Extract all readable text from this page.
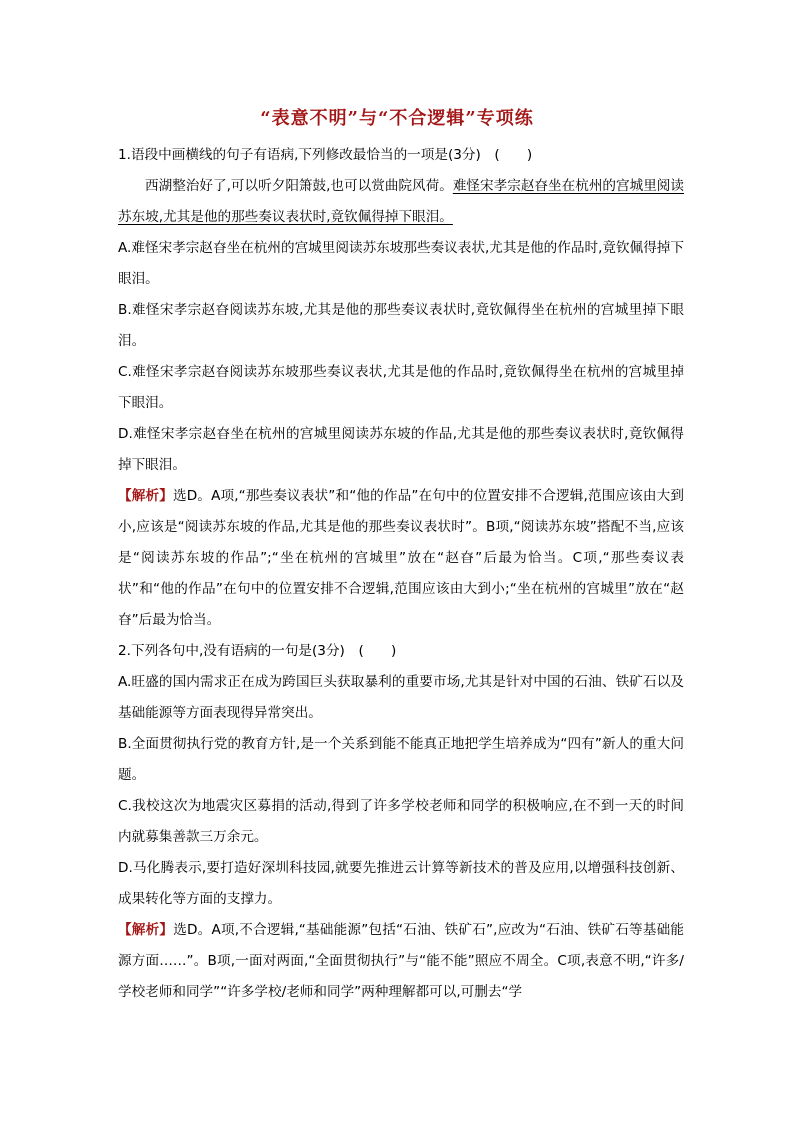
“表意不明”与“不合逻辑”专项练

1.语段中画横线的句子有语病,下列修改最恰当的一项是(3分)　(　　)

西湖整治好了,可以听夕阳箫鼓,也可以赏曲院风荷。难怪宋孝宗赵昚坐在杭州的宫城里阅读苏东坡,尤其是他的那些奏议表状时,竟钦佩得掉下眼泪。

A.难怪宋孝宗赵昚坐在杭州的宫城里阅读苏东坡那些奏议表状,尤其是他的作品时,竟钦佩得掉下眼泪。

B.难怪宋孝宗赵昚阅读苏东坡,尤其是他的那些奏议表状时,竟钦佩得坐在杭州的宫城里掉下眼泪。

C.难怪宋孝宗赵昚阅读苏东坡那些奏议表状,尤其是他的作品时,竟钦佩得坐在杭州的宫城里掉下眼泪。

D.难怪宋孝宗赵昚坐在杭州的宫城里阅读苏东坡的作品,尤其是他的那些奏议表状时,竟钦佩得掉下眼泪。

【解析】选D。A项,“那些奏议表状”和“他的作品”在句中的位置安排不合逻辑,范围应该由大到小,应该是“阅读苏东坡的作品,尤其是他的那些奏议表状时”。B项,“阅读苏东坡”搭配不当,应该是“阅读苏东坡的作品”;“坐在杭州的宫城里”放在“赵昚”后最为恰当。C项,“那些奏议表状”和“他的作品”在句中的位置安排不合逻辑,范围应该由大到小;“坐在杭州的宫城里”放在“赵昚”后最为恰当。

2.下列各句中,没有语病的一句是(3分)　(　　)

A.旺盛的国内需求正在成为跨国巨头获取暴利的重要市场,尤其是针对中国的石油、铁矿石以及基础能源等方面表现得异常突出。

B.全面贯彻执行党的教育方针,是一个关系到能不能真正地把学生培养成为“四有”新人的重大问题。

C.我校这次为地震灾区募捐的活动,得到了许多学校老师和同学的积极响应,在不到一天的时间内就募集善款三万余元。

D.马化腾表示,要打造好深圳科技园,就要先推进云计算等新技术的普及应用,以增强科技创新、成果转化等方面的支撑力。

【解析】选D。A项,不合逻辑,“基础能源”包括“石油、铁矿石”,应改为“石油、铁矿石等基础能源方面……”。B项,一面对两面,“全面贯彻执行”与“能不能”照应不周全。C项,表意不明,“许多/学校老师和同学”“许多学校/老师和同学”两种理解都可以,可删去“学
